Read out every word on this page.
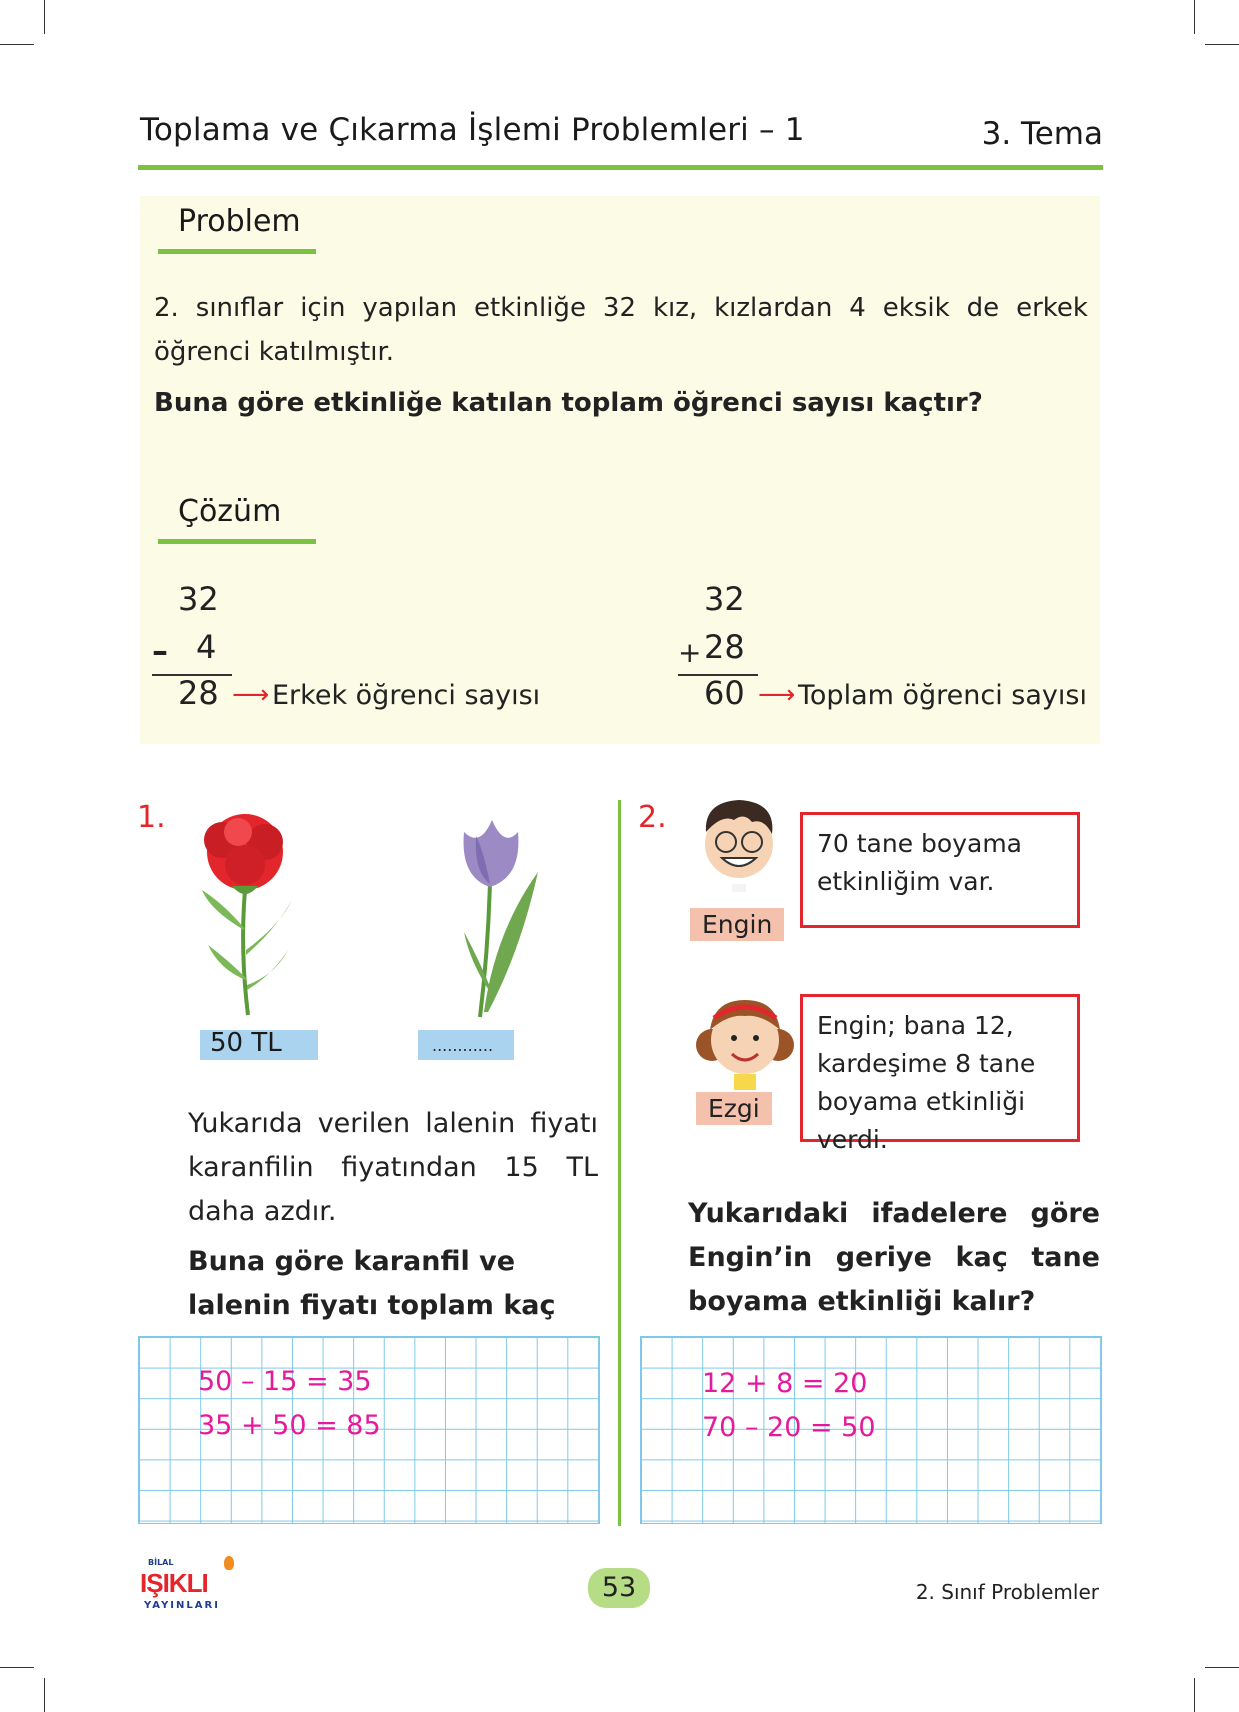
Toplama ve Çıkarma İşlemi Problemleri – 1	3. Tema
Problem
2. sınıflar için yapılan etkinliğe 32 kız, kızlardan 4 eksik de erkek öğrenci katılmıştır.
Buna göre etkinliğe katılan toplam öğrenci sayısı kaçtır?
Çözüm
32
– 4
28 ⟶ Erkek öğrenci sayısı
32
+ 28
60 ⟶ Toplam öğrenci sayısı
1.
50 TL	............
Yukarıda verilen lalenin fiyatı karanfilin fiyatından 15 TL daha azdır.
Buna göre karanfil ve lalenin fiyatı toplam kaç
50 – 15 = 35
35 + 50 = 85
2.
Engin
70 tane boyama etkinliğim var.
Ezgi
Engin; bana 12, kardeşime 8 tane boyama etkinliği verdi.
Yukarıdaki ifadelere göre Engin’in geriye kaç tane boyama etkinliği kalır?
12 + 8 = 20
70 – 20 = 50
BİLAL
IŞIKLI
YAYINLARI
53	2. Sınıf Problemler
